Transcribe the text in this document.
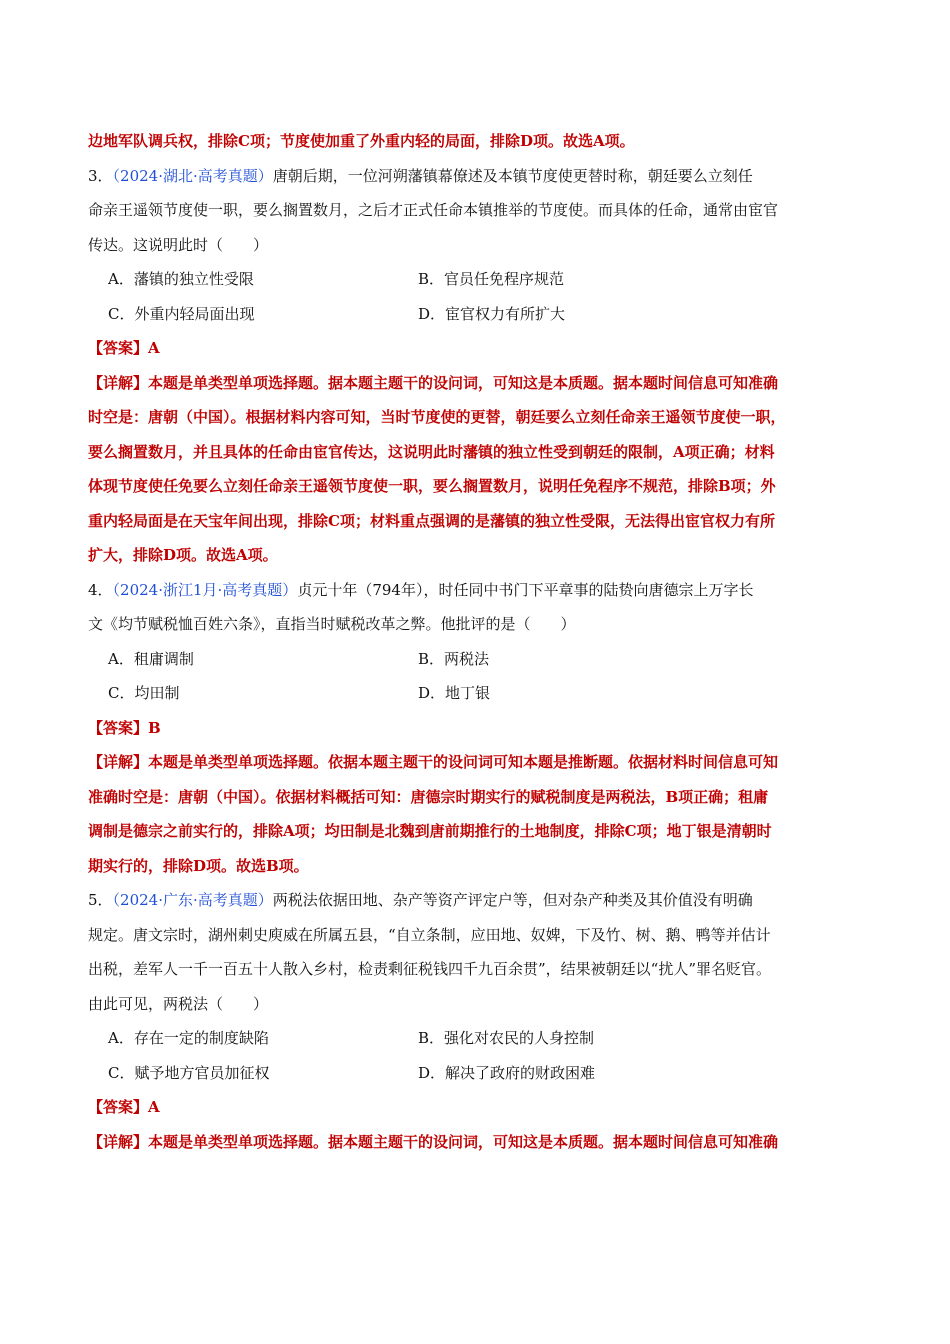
边地军队调兵权，排除C项；节度使加重了外重内轻的局面，排除D项。故选A项。
3．（2024·湖北·高考真题）唐朝后期，一位河朔藩镇幕僚述及本镇节度使更替时称，朝廷要么立刻任
命亲王遥领节度使一职，要么搁置数月，之后才正式任命本镇推举的节度使。而具体的任命，通常由宦官
传达。这说明此时（　　）
A．藩镇的独立性受限	B．官员任免程序规范
C．外重内轻局面出现	D．宦官权力有所扩大
【答案】A
【详解】本题是单类型单项选择题。据本题主题干的设问词，可知这是本质题。据本题时间信息可知准确
时空是：唐朝（中国）。根据材料内容可知，当时节度使的更替，朝廷要么立刻任命亲王遥领节度使一职，
要么搁置数月，并且具体的任命由宦官传达，这说明此时藩镇的独立性受到朝廷的限制，A项正确；材料
体现节度使任免要么立刻任命亲王遥领节度使一职，要么搁置数月，说明任免程序不规范，排除B项；外
重内轻局面是在天宝年间出现，排除C项；材料重点强调的是藩镇的独立性受限，无法得出宦官权力有所
扩大，排除D项。故选A项。
4．（2024·浙江1月·高考真题）贞元十年（794年），时任同中书门下平章事的陆贽向唐德宗上万字长
文《均节赋税恤百姓六条》，直指当时赋税改革之弊。他批评的是（　　）
A．租庸调制	B．两税法
C．均田制	D．地丁银
【答案】B
【详解】本题是单类型单项选择题。依据本题主题干的设问词可知本题是推断题。依据材料时间信息可知
准确时空是：唐朝（中国）。依据材料概括可知：唐德宗时期实行的赋税制度是两税法，B项正确；租庸
调制是德宗之前实行的，排除A项；均田制是北魏到唐前期推行的土地制度，排除C项；地丁银是清朝时
期实行的，排除D项。故选B项。
5．（2024·广东·高考真题）两税法依据田地、杂产等资产评定户等，但对杂产种类及其价值没有明确
规定。唐文宗时，湖州刺史庾威在所属五县，“自立条制，应田地、奴婢，下及竹、树、鹅、鸭等并估计
出税，差军人一千一百五十人散入乡村，检责剩征税钱四千九百余贯”，结果被朝廷以“扰人”罪名贬官。
由此可见，两税法（　　）
A．存在一定的制度缺陷	B．强化对农民的人身控制
C．赋予地方官员加征权	D．解决了政府的财政困难
【答案】A
【详解】本题是单类型单项选择题。据本题主题干的设问词，可知这是本质题。据本题时间信息可知准确
